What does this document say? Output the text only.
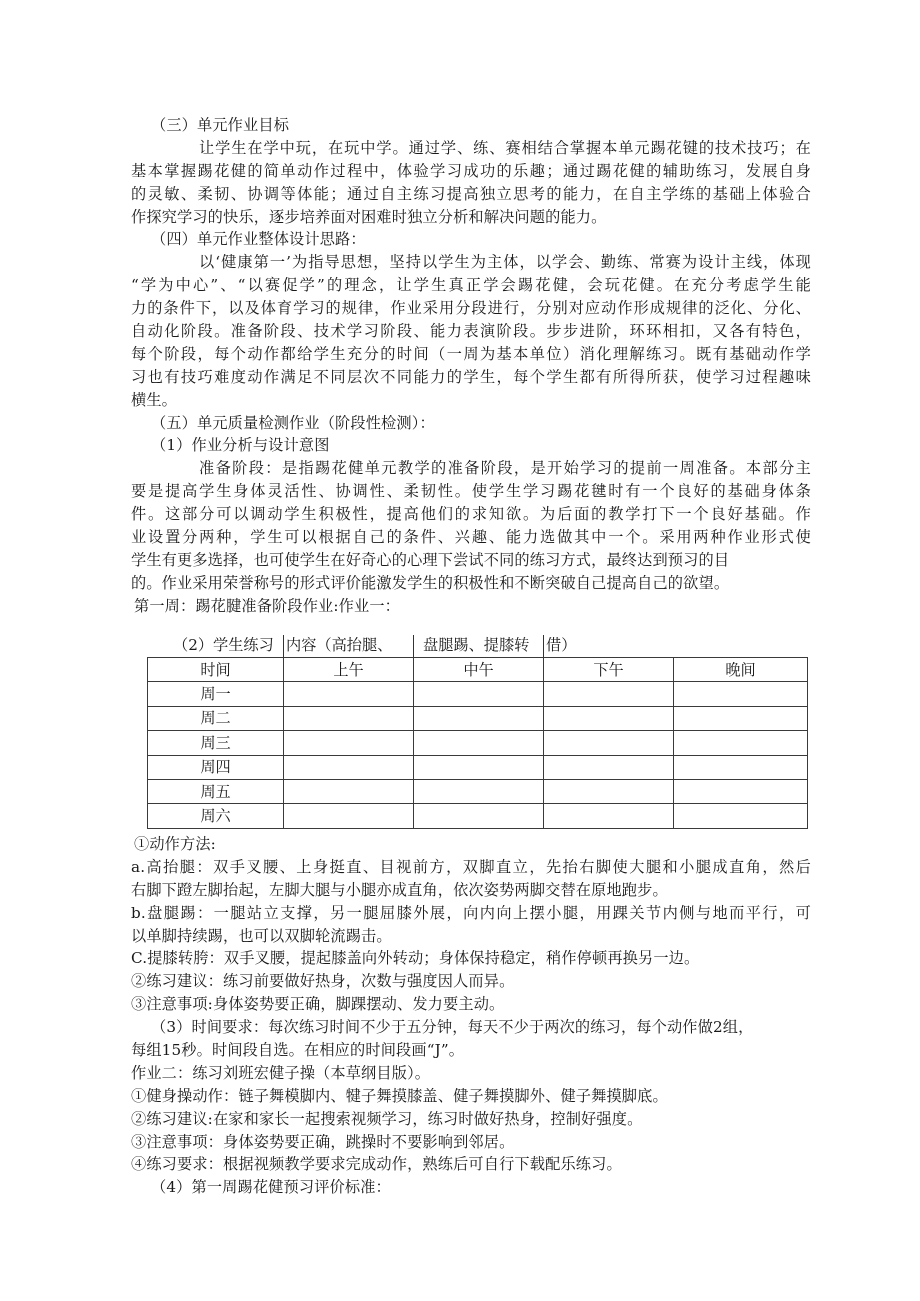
（三）单元作业目标
让学生在学中玩，在玩中学。通过学、练、赛相结合掌握本单元踢花键的技术技巧；在
基本掌握踢花健的简单动作过程中，体验学习成功的乐趣；通过踢花健的辅助练习，发展自身
的灵敏、柔韧、协调等体能；通过自主练习提高独立思考的能力，在自主学练的基础上体验合
作探究学习的快乐，逐步培养面对困难时独立分析和解决问题的能力。
（四）单元作业整体设计思路：
以‘健康第一’为指导思想，坚持以学生为主体，以学会、勤练、常赛为设计主线，体现
“学为中心”、“以赛促学”的理念，让学生真正学会踢花健，会玩花健。在充分考虑学生能
力的条件下，以及体育学习的规律，作业采用分段进行，分别对应动作形成规律的泛化、分化、
自动化阶段。准备阶段、技术学习阶段、能力表演阶段。步步进阶，环环相扣，又各有特色，
每个阶段，每个动作都给学生充分的时间（一周为基本单位）消化理解练习。既有基础动作学
习也有技巧难度动作满足不同层次不同能力的学生，每个学生都有所得所获，使学习过程趣味
横生。
（五）单元质量检测作业（阶段性检测）：
（1）作业分析与设计意图
准备阶段：是指踢花健单元教学的准备阶段，是开始学习的提前一周准备。本部分主
要是提高学生身体灵活性、协调性、柔韧性。使学生学习踢花毽时有一个良好的基础身体条
件。这部分可以调动学生积极性，提高他们的求知欲。为后面的教学打下一个良好基础。作
业设置分两种，学生可以根据自己的条件、兴趣、能力选做其中一个。采用两种作业形式使
学生有更多选择，也可使学生在好奇心的心理下尝试不同的练习方式，最终达到预习的目
的。作业采用荣誉称号的形式评价能激发学生的积极性和不断突破自己提高自己的欲望。
第一周：踢花腱准备阶段作业:作业一：
（2）学生练习 内容（高抬腿、 盘腿踢、提膝转 借）
时间	上午	中午	下午	晚间
周一				
周二				
周三				
周四				
周五				
周六				
①动作方法:
a.高抬腿：双手叉腰、上身挺直、目视前方，双脚直立，先抬右脚使大腿和小腿成直角，然后
右脚下蹬左脚抬起，左脚大腿与小腿亦成直角，依次姿势两脚交替在原地跑步。
b.盘腿踢：一腿站立支撑，另一腿屈膝外展，向内向上摆小腿，用踝关节内侧与地而平行，可
以单脚持续踢，也可以双脚轮流踢击。
C.提膝转胯：双手叉腰，提起膝盖向外转动；身体保持稳定，稍作停顿再换另一边。
②练习建议：练习前要做好热身，次数与强度因人而异。
③注意事项:身体姿势要正确，脚踝摆动、发力要主动。
（3）时间要求：每次练习时间不少于五分钟，每天不少于两次的练习，每个动作做2组，
每组15秒。时间段自选。在相应的时间段画“J”。
作业二：练习刘班宏健子操（本草纲目版）。
①健身操动作：链子舞模脚内、犍子舞摸膝盖、健子舞摸脚外、健子舞摸脚底。
②练习建议:在家和家长一起搜索视频学习，练习时做好热身，控制好强度。
③注意事项：身体姿势要正确，跳操时不要影响到邻居。
④练习要求：根据视频教学要求完成动作，熟练后可自行下载配乐练习。
（4）第一周踢花健预习评价标准：
